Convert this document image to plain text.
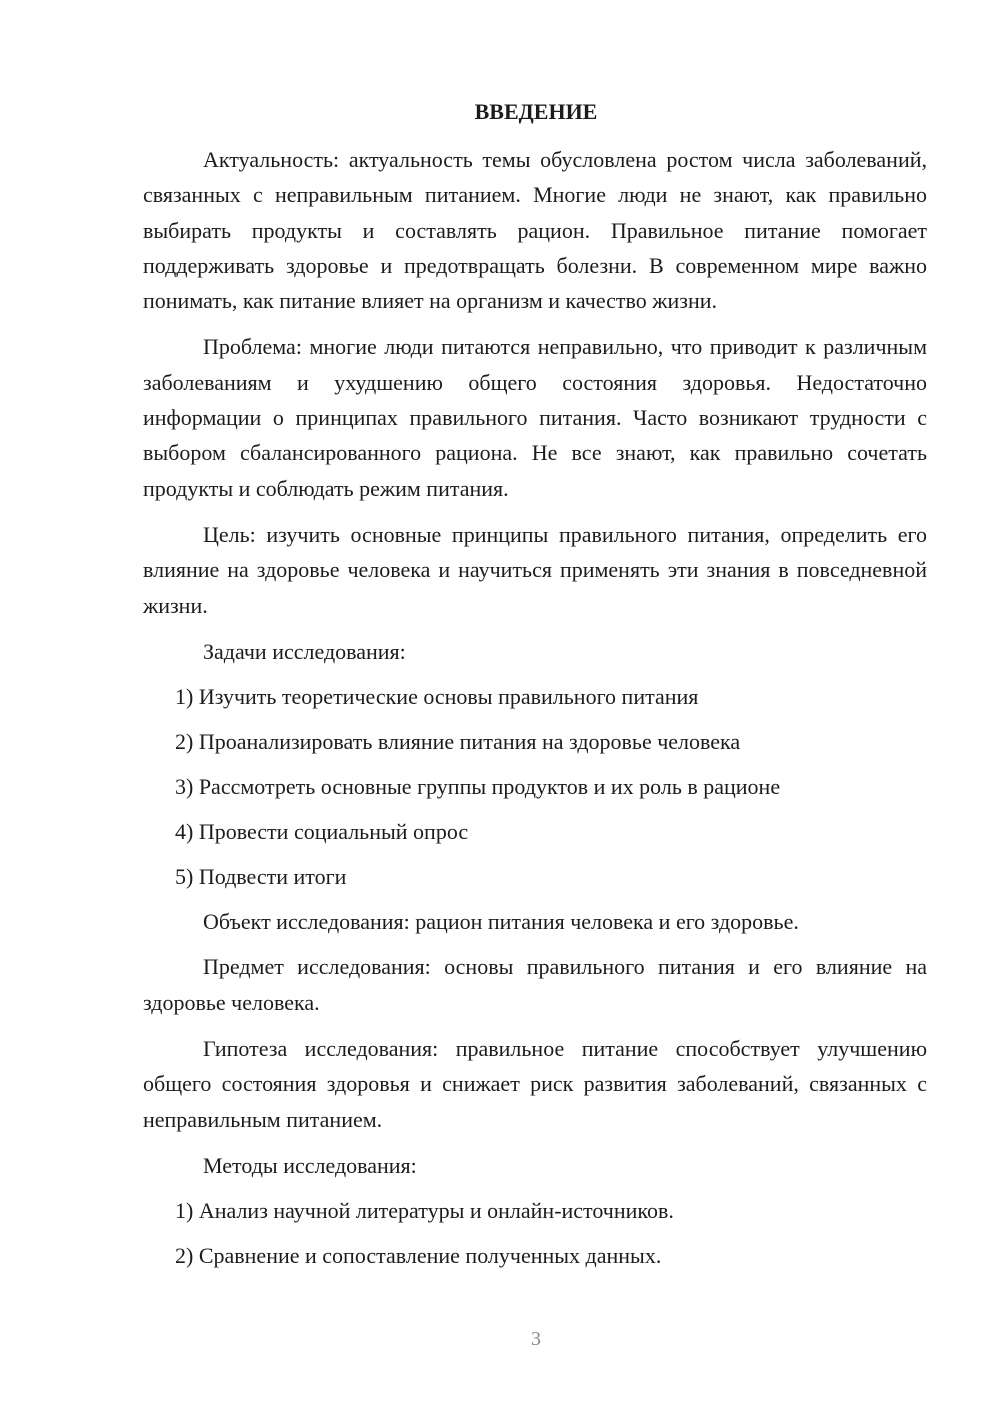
ВВЕДЕНИЕ

Актуальность: актуальность темы обусловлена ростом числа заболеваний, связанных с неправильным питанием. Многие люди не знают, как правильно выбирать продукты и составлять рацион. Правильное питание помогает поддерживать здоровье и предотвращать болезни. В современном мире важно понимать, как питание влияет на организм и качество жизни.

Проблема: многие люди питаются неправильно, что приводит к различным заболеваниям и ухудшению общего состояния здоровья. Недостаточно информации о принципах правильного питания. Часто возникают трудности с выбором сбалансированного рациона. Не все знают, как правильно сочетать продукты и соблюдать режим питания.

Цель: изучить основные принципы правильного питания, определить его влияние на здоровье человека и научиться применять эти знания в повседневной жизни.

Задачи исследования:

1) Изучить теоретические основы правильного питания
2) Проанализировать влияние питания на здоровье человека
3) Рассмотреть основные группы продуктов и их роль в рационе
4) Провести социальный опрос
5) Подвести итоги

Объект исследования: рацион питания человека и его здоровье.

Предмет исследования: основы правильного питания и его влияние на здоровье человека.

Гипотеза исследования: правильное питание способствует улучшению общего состояния здоровья и снижает риск развития заболеваний, связанных с неправильным питанием.

Методы исследования:

1) Анализ научной литературы и онлайн-источников.
2) Сравнение и сопоставление полученных данных.
3
